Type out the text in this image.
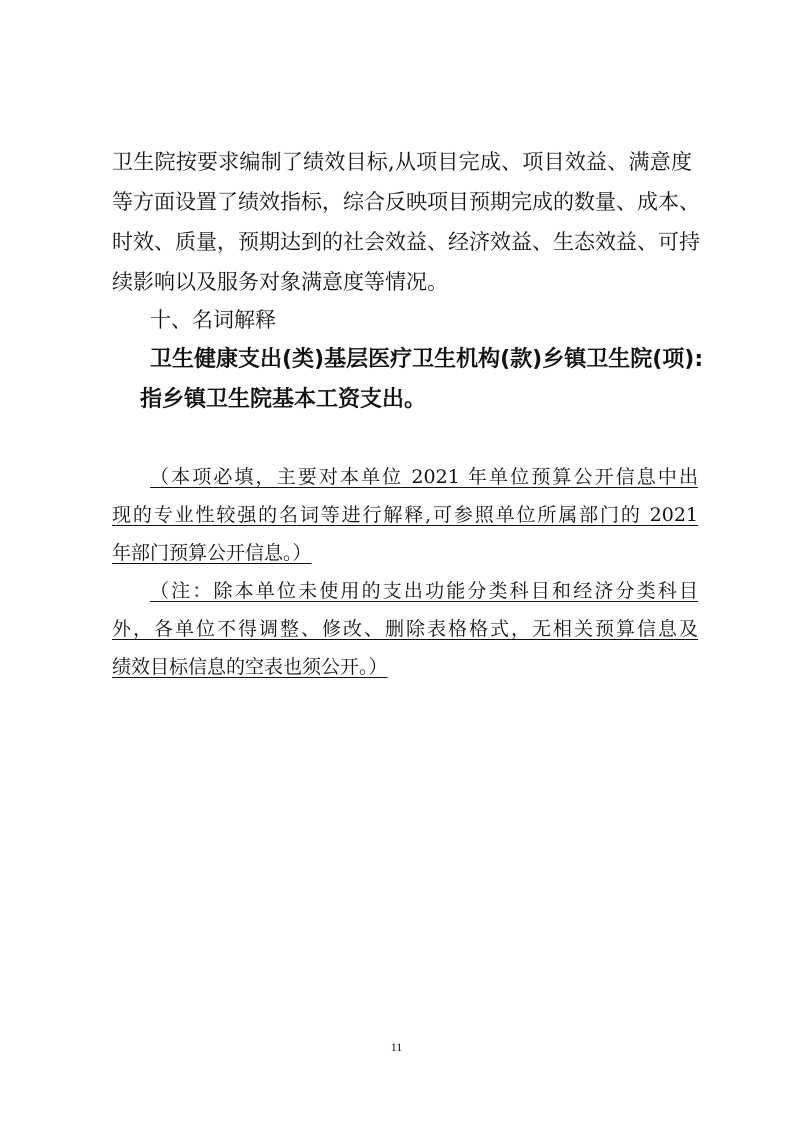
卫生院按要求编制了绩效目标,从项目完成、项目效益、满意度
等方面设置了绩效指标，综合反映项目预期完成的数量、成本、
时效、质量，预期达到的社会效益、经济效益、生态效益、可持
续影响以及服务对象满意度等情况。
十、名词解释
卫生健康支出(类)基层医疗卫生机构(款)乡镇卫生院(项):
指乡镇卫生院基本工资支出。
（本项必填，主要对本单位 2021 年单位预算公开信息中出
现的专业性较强的名词等进行解释,可参照单位所属部门的 2021
年部门预算公开信息。）
（注：除本单位未使用的支出功能分类科目和经济分类科目
外，各单位不得调整、修改、删除表格格式，无相关预算信息及
绩效目标信息的空表也须公开。）
11
